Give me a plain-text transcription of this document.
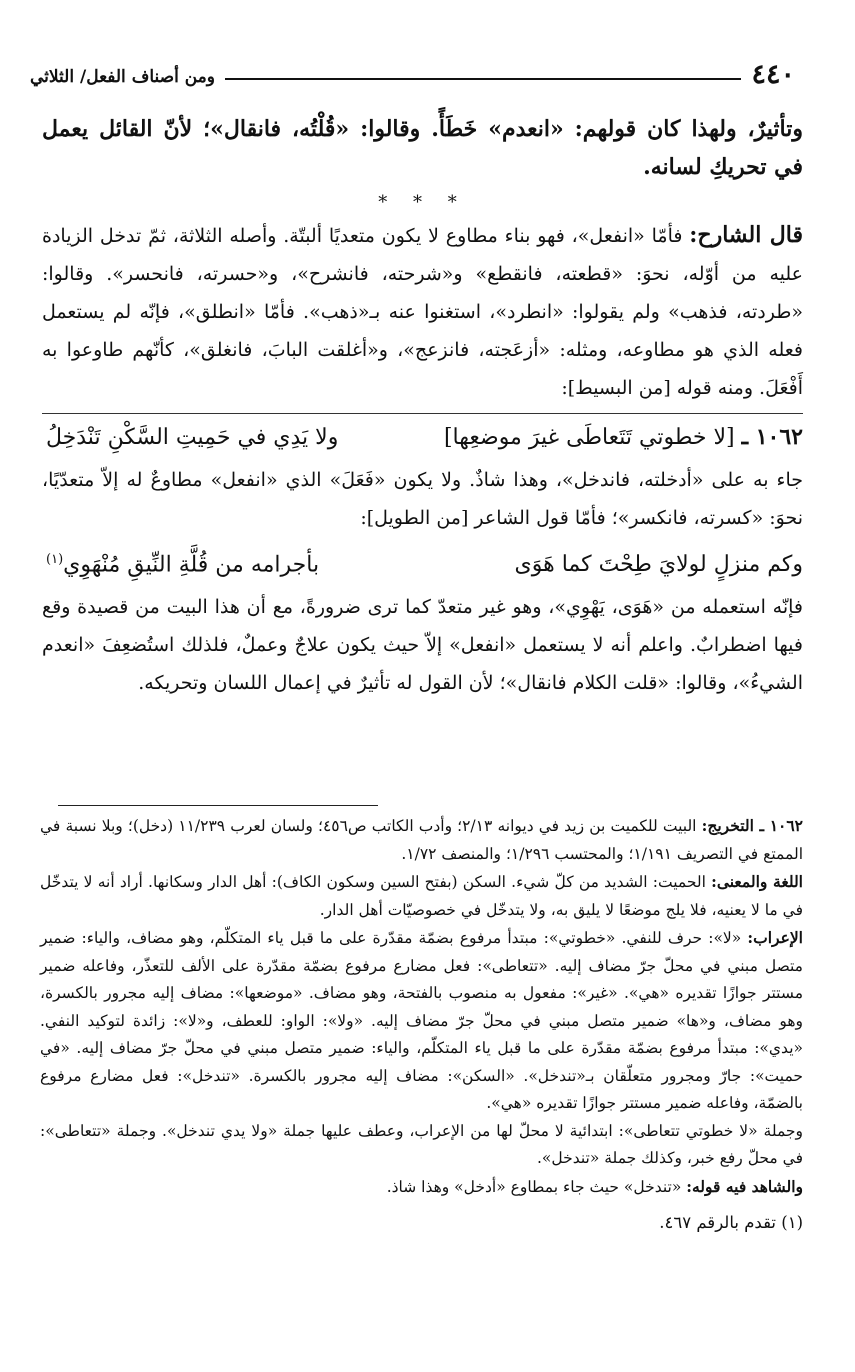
٤٤٠
ومن أصناف الفعل/ الثلاثي

وتأثيرٌ، ولهذا كان قولهم: «انعدم» خَطَأً. وقالوا: «قُلْتُه، فانقال»؛ لأنّ القائل يعمل في تحريكِ لسانه.

* * *

قال الشارح: فأمّا «انفعل»، فهو بناء مطاوع لا يكون متعديًا ألبتّة. وأصله الثلاثة، ثمّ تدخل الزيادة عليه من أوّله، نحوَ: «قطعته، فانقطع» و«شرحته، فانشرح»، و«حسرته، فانحسر». وقالوا: «طردته، فذهب» ولم يقولوا: «انطرد»، استغنوا عنه بـ«ذهب». فأمّا «انطلق»، فإنّه لم يستعمل فعله الذي هو مطاوعه، ومثله: «أزعَجته، فانزعج»، و«أغلقت البابَ، فانغلق»، كأنّهم طاوعوا به أَفْعَلَ. ومنه قوله [من البسيط]:

١٠٦٢ ـ [لا خطوتي تَتَعاطَى غيرَ موضعِها]
ولا يَدِي في حَمِيتِ السَّكْنِ تَنْدَخِلُ

جاء به على «أدخلته، فاندخل»، وهذا شاذٌ. ولا يكون «فَعَلَ» الذي «انفعل» مطاوعٌ له إلاّ متعدّيًا، نحوَ: «كسرته، فانكسر»؛ فأمّا قول الشاعر [من الطويل]:

وكم منزلٍ لولايَ طِحْتَ كما هَوَى
بأجرامه من قُلَّةِ النِّيقِ مُنْهَوِي$^{(١)}$

فإنّه استعمله من «هَوَى، يَهْوِي»، وهو غير متعدّ كما ترى ضرورةً، مع أن هذا البيت من قصيدة وقع فيها اضطرابٌ. واعلم أنه لا يستعمل «انفعل» إلاّ حيث يكون علاجٌ وعملٌ، فلذلك استُضعِفَ «انعدم الشيءُ»، وقالوا: «قلت الكلام فانقال»؛ لأن القول له تأثيرٌ في إعمال اللسان وتحريكه.

١٠٦٢ ـ التخريج: البيت للكميت بن زيد في ديوانه ٢/١٣؛ وأدب الكاتب ص٤٥٦؛ ولسان لعرب ١١/٢٣٩ (دخل)؛ وبلا نسبة في الممتع في التصريف ١/١٩١؛ والمحتسب ١/٢٩٦؛ والمنصف ١/٧٢.

اللغة والمعنى: الحميت: الشديد من كلّ شيء. السكن (بفتح السين وسكون الكاف): أهل الدار وسكانها. أراد أنه لا يتدخّل في ما لا يعنيه، فلا يلج موضعًا لا يليق به، ولا يتدخّل في خصوصيّات أهل الدار.

الإعراب: «لا»: حرف للنفي. «خطوتي»: مبتدأ مرفوع بضمّة مقدّرة على ما قبل ياء المتكلّم، وهو مضاف، والياء: ضمير متصل مبني في محلّ جرّ مضاف إليه. «تتعاطى»: فعل مضارع مرفوع بضمّة مقدّرة على الألف للتعذّر، وفاعله ضمير مستتر جوازًا تقديره «هي». «غير»: مفعول به منصوب بالفتحة، وهو مضاف. «موضعها»: مضاف إليه مجرور بالكسرة، وهو مضاف، و«ها» ضمير متصل مبني في محلّ جرّ مضاف إليه. «ولا»: الواو: للعطف، و«لا»: زائدة لتوكيد النفي. «يدي»: مبتدأ مرفوع بضمّة مقدّرة على ما قبل ياء المتكلّم، والياء: ضمير متصل مبني في محلّ جرّ مضاف إليه. «في حميت»: جارّ ومجرور متعلّقان بـ«تندخل». «السكن»: مضاف إليه مجرور بالكسرة. «تندخل»: فعل مضارع مرفوع بالضمّة، وفاعله ضمير مستتر جوازًا تقديره «هي».

وجملة «لا خطوتي تتعاطى»: ابتدائية لا محلّ لها من الإعراب، وعطف عليها جملة «ولا يدي تندخل». وجملة «تتعاطى»: في محلّ رفع خبر، وكذلك جملة «تندخل».

والشاهد فيه قوله: «تندخل» حيث جاء بمطاوع «أدخل» وهذا شاذ.

(١) تقدم بالرقم ٤٦٧.
